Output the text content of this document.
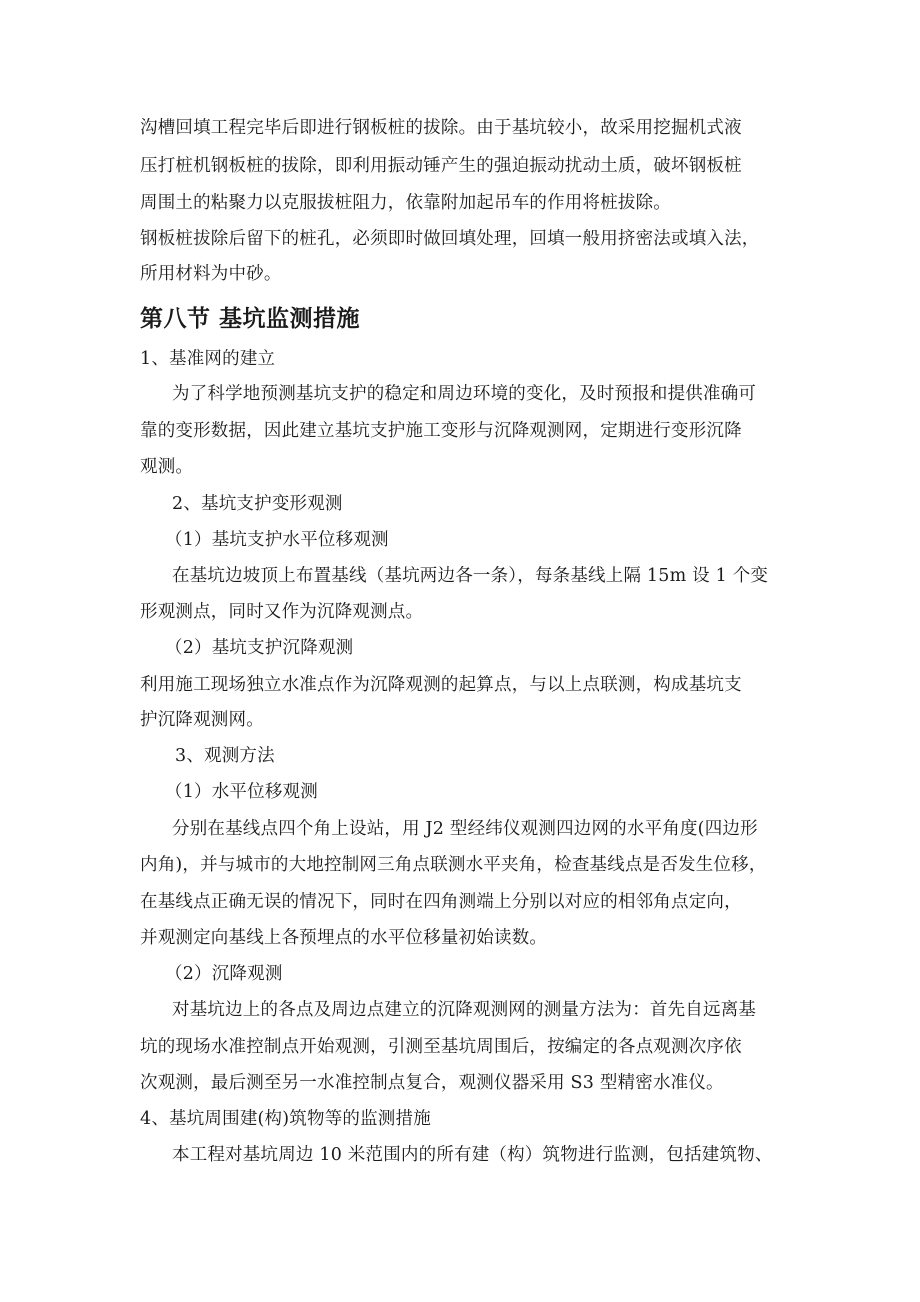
沟槽回填工程完毕后即进行钢板桩的拔除。由于基坑较小，故采用挖掘机式液
压打桩机钢板桩的拔除，即利用振动锤产生的强迫振动扰动土质，破坏钢板桩
周围土的粘聚力以克服拔桩阻力，依靠附加起吊车的作用将桩拔除。
钢板桩拔除后留下的桩孔，必须即时做回填处理，回填一般用挤密法或填入法，
所用材料为中砂。
第八节 基坑监测措施
1、基准网的建立
为了科学地预测基坑支护的稳定和周边环境的变化，及时预报和提供准确可
靠的变形数据，因此建立基坑支护施工变形与沉降观测网，定期进行变形沉降
观测。
2、基坑支护变形观测
（1）基坑支护水平位移观测
在基坑边坡顶上布置基线（基坑两边各一条），每条基线上隔 15m 设 1 个变
形观测点，同时又作为沉降观测点。
（2）基坑支护沉降观测
利用施工现场独立水准点作为沉降观测的起算点，与以上点联测，构成基坑支
护沉降观测网。
3、观测方法
（1）水平位移观测
分别在基线点四个角上设站，用 J2 型经纬仪观测四边网的水平角度(四边形
内角)，并与城市的大地控制网三角点联测水平夹角，检查基线点是否发生位移，
在基线点正确无误的情况下，同时在四角测端上分别以对应的相邻角点定向，
并观测定向基线上各预埋点的水平位移量初始读数。
（2）沉降观测
对基坑边上的各点及周边点建立的沉降观测网的测量方法为：首先自远离基
坑的现场水准控制点开始观测，引测至基坑周围后，按编定的各点观测次序依
次观测，最后测至另一水准控制点复合，观测仪器采用 S3 型精密水准仪。
4、基坑周围建(构)筑物等的监测措施
本工程对基坑周边 10 米范围内的所有建（构）筑物进行监测，包括建筑物、
